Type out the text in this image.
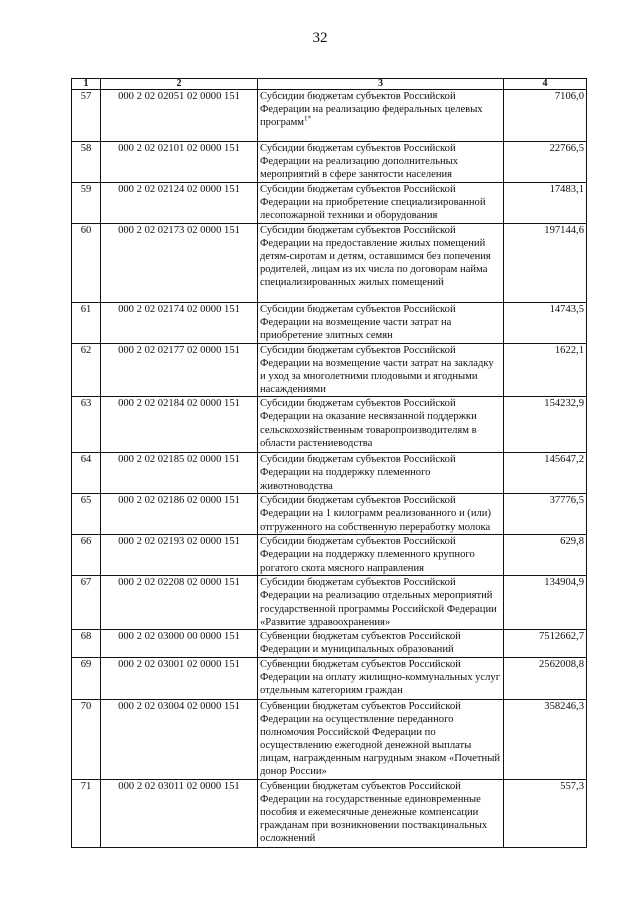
32
1	2	3	4
57	000 2 02 02051 02 0000 151	Субсидии бюджетам субъектов Российской Федерации на реализацию федеральных целевых программ$^{1*}$	7106,0
58	000 2 02 02101 02 0000 151	Субсидии бюджетам субъектов Российской Федерации на реализацию дополнительных мероприятий в сфере занятости населения	22766,5
59	000 2 02 02124 02 0000 151	Субсидии бюджетам субъектов Российской Федерации на приобретение специализированной лесопожарной техники и оборудования	17483,1
60	000 2 02 02173 02 0000 151	Субсидии бюджетам субъектов Российской Федерации на предоставление жилых помещений детям-сиротам и детям, оставшимся без попечения родителей, лицам из их числа по договорам найма специализированных жилых помещений	197144,6
61	000 2 02 02174 02 0000 151	Субсидии бюджетам субъектов Российской Федерации на возмещение части затрат на приобретение элитных семян	14743,5
62	000 2 02 02177 02 0000 151	Субсидии бюджетам субъектов Российской Федерации на возмещение части затрат на закладку и уход за многолетними плодовыми и ягодными насаждениями	1622,1
63	000 2 02 02184 02 0000 151	Субсидии бюджетам субъектов Российской Федерации на оказание несвязанной поддержки сельскохозяйственным товаропроизводителям в области растениеводства	154232,9
64	000 2 02 02185 02 0000 151	Субсидии бюджетам субъектов Российской Федерации на поддержку племенного животноводства	145647,2
65	000 2 02 02186 02 0000 151	Субсидии бюджетам субъектов Российской Федерации на 1 килограмм реализованного и (или) отгруженного на собственную переработку молока	37776,5
66	000 2 02 02193 02 0000 151	Субсидии бюджетам субъектов Российской Федерации на поддержку племенного крупного рогатого скота мясного направления	629,8
67	000 2 02 02208 02 0000 151	Субсидии бюджетам субъектов Российской Федерации на реализацию отдельных мероприятий государственной программы Российской Федерации «Развитие здравоохранения»	134904,9
68	000 2 02 03000 00 0000 151	Субвенции бюджетам субъектов Российской Федерации и муниципальных образований	7512662,7
69	000 2 02 03001 02 0000 151	Субвенции бюджетам субъектов Российской Федерации на оплату жилищно-коммунальных услуг отдельным категориям граждан	2562008,8
70	000 2 02 03004 02 0000 151	Субвенции бюджетам субъектов Российской Федерации на осуществление переданного полномочия Российской Федерации по осуществлению ежегодной денежной выплаты лицам, награжденным нагрудным знаком «Почетный донор России»	358246,3
71	000 2 02 03011 02 0000 151	Субвенции бюджетам субъектов Российской Федерации на государственные единовременные пособия и ежемесячные денежные компенсации гражданам при возникновении поствакцинальных осложнений	557,3
